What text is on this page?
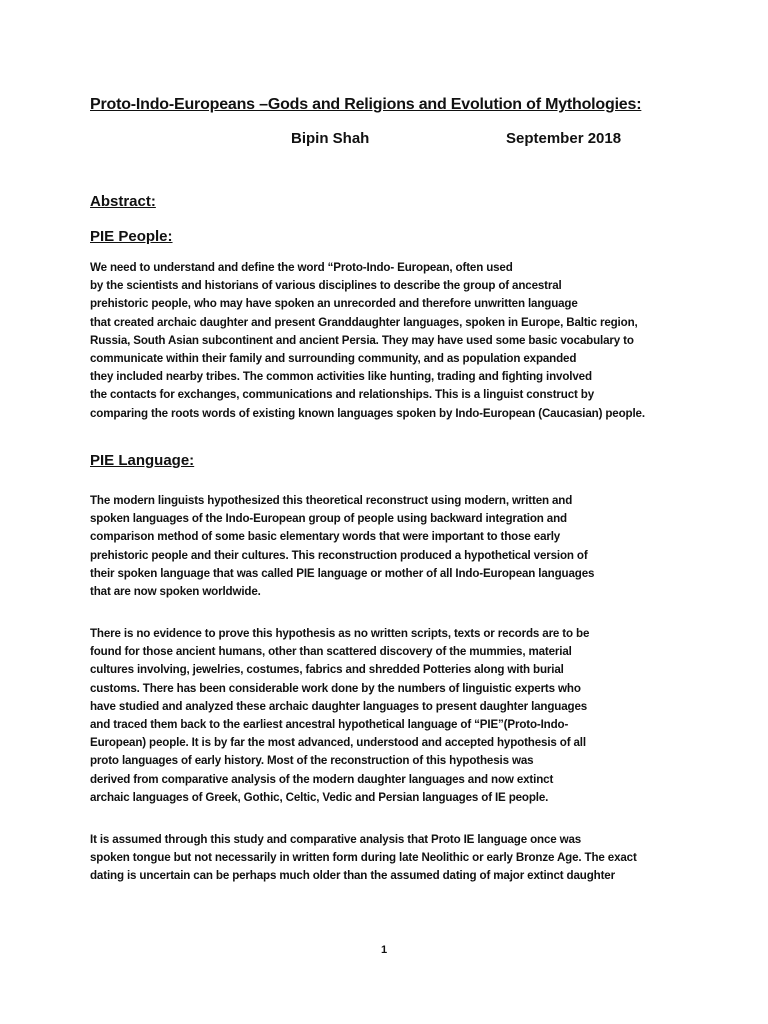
Proto-Indo-Europeans –Gods and Religions and Evolution of Mythologies:
Bipin Shah	September 2018
Abstract:
PIE People:
We need to understand and define the word “Proto-Indo- European, often used
by the scientists and historians of various disciplines to describe the group of ancestral
prehistoric people, who may have spoken an unrecorded and therefore unwritten language
that created archaic daughter and present Granddaughter languages, spoken in Europe, Baltic region,
Russia, South Asian subcontinent and ancient Persia. They may have used some basic vocabulary to
communicate within their family and surrounding community, and as population expanded
they included nearby tribes. The common activities like hunting, trading and fighting involved
the contacts for exchanges, communications and relationships. This is a linguist construct by
comparing the roots words of existing known languages spoken by Indo-European (Caucasian) people.
PIE Language:
The modern linguists hypothesized this theoretical reconstruct using modern, written and
spoken languages of the Indo-European group of people using backward integration and
comparison method of some basic elementary words that were important to those early
prehistoric people and their cultures. This reconstruction produced a hypothetical version of
their spoken language that was called PIE language or mother of all Indo-European languages
that are now spoken worldwide.
There is no evidence to prove this hypothesis as no written scripts, texts or records are to be
found for those ancient humans, other than scattered discovery of the mummies, material
cultures involving, jewelries, costumes, fabrics and shredded Potteries along with burial
customs. There has been considerable work done by the numbers of linguistic experts who
have studied and analyzed these archaic daughter languages to present daughter languages
and traced them back to the earliest ancestral hypothetical language of “PIE”(Proto-Indo-
European) people. It is by far the most advanced, understood and accepted hypothesis of all
proto languages of early history. Most of the reconstruction of this hypothesis was
derived from comparative analysis of the modern daughter languages and now extinct
archaic languages of Greek, Gothic, Celtic, Vedic and Persian languages of IE people.
It is assumed through this study and comparative analysis that Proto IE language once was
spoken tongue but not necessarily in written form during late Neolithic or early Bronze Age. The exact
dating is uncertain can be perhaps much older than the assumed dating of major extinct daughter
1
